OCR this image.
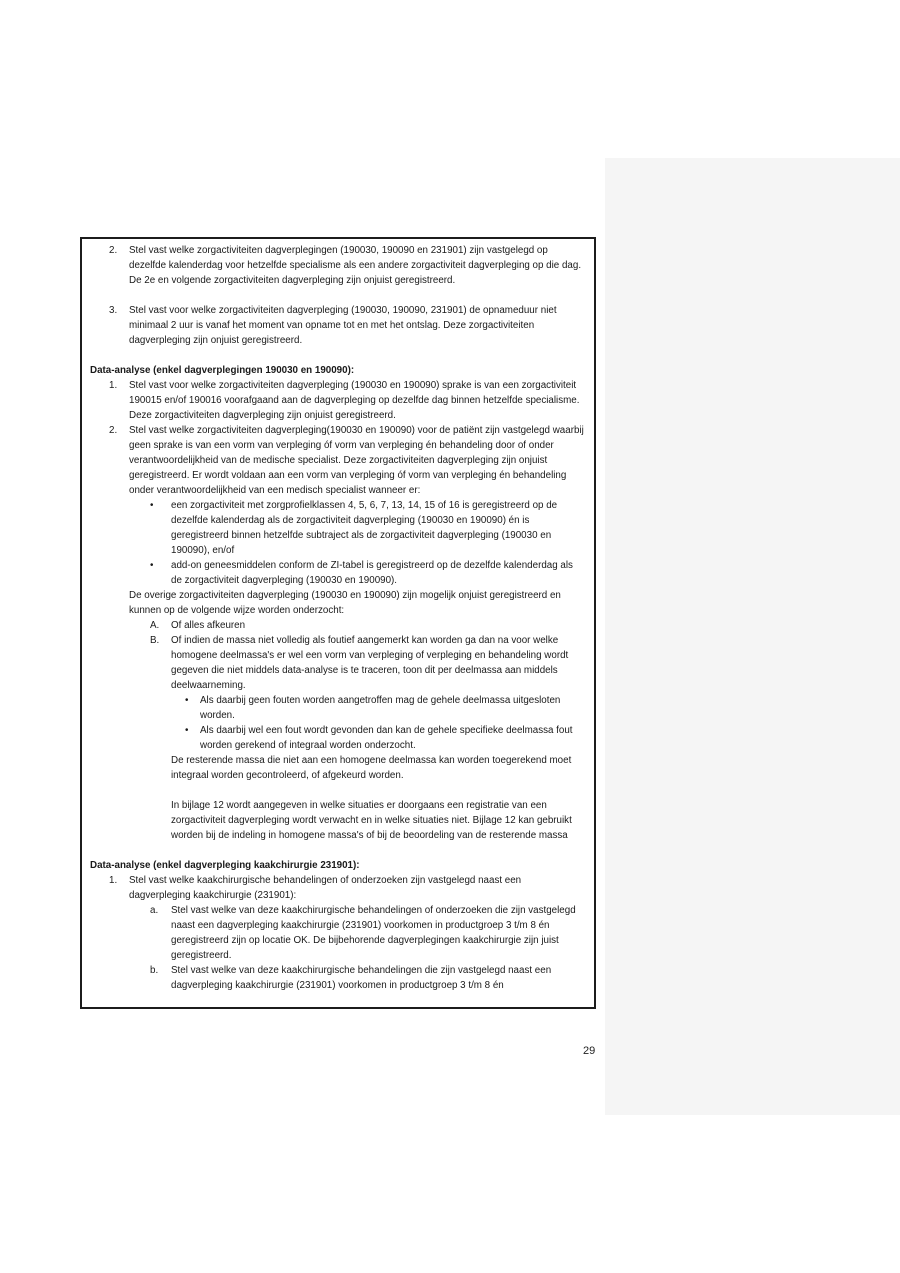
2.	Stel vast welke zorgactiviteiten dagverplegingen (190030, 190090 en 231901) zijn vastgelegd op dezelfde kalenderdag voor hetzelfde specialisme als een andere zorgactiviteit dagverpleging op die dag. De 2e en volgende zorgactiviteiten dagverpleging zijn onjuist geregistreerd.
3.	Stel vast voor welke zorgactiviteiten dagverpleging (190030, 190090, 231901) de opnameduur niet minimaal 2 uur is vanaf het moment van opname tot en met het ontslag. Deze zorgactiviteiten dagverpleging zijn onjuist geregistreerd.
Data-analyse (enkel dagverplegingen 190030 en 190090):
1.	Stel vast voor welke zorgactiviteiten dagverpleging (190030 en 190090) sprake is van een zorgactiviteit 190015 en/of 190016 voorafgaand aan de dagverpleging op dezelfde dag binnen hetzelfde specialisme. Deze zorgactiviteiten dagverpleging zijn onjuist geregistreerd.
2.	Stel vast welke zorgactiviteiten dagverpleging(190030 en 190090) voor de patiënt zijn vastgelegd waarbij geen sprake is van een vorm van verpleging óf vorm van verpleging én behandeling door of onder verantwoordelijkheid van de medische specialist. Deze zorgactiviteiten dagverpleging zijn onjuist geregistreerd. Er wordt voldaan aan een vorm van verpleging óf vorm van verpleging én behandeling onder verantwoordelijkheid van een medisch specialist wanneer er:
•	een zorgactiviteit met zorgprofielklassen 4, 5, 6, 7, 13, 14, 15 of 16 is geregistreerd op de dezelfde kalenderdag als de zorgactiviteit dagverpleging (190030 en 190090) én is geregistreerd binnen hetzelfde subtraject als de zorgactiviteit dagverpleging (190030 en 190090), en/of
•	add-on geneesmiddelen conform de ZI-tabel is geregistreerd op de dezelfde kalenderdag als de zorgactiviteit dagverpleging (190030 en 190090).
De overige zorgactiviteiten dagverpleging (190030 en 190090) zijn mogelijk onjuist geregistreerd en kunnen op de volgende wijze worden onderzocht:
A.	Of alles afkeuren
B.	Of indien de massa niet volledig als foutief aangemerkt kan worden ga dan na voor welke homogene deelmassa's er wel een vorm van verpleging of verpleging en behandeling wordt gegeven die niet middels data-analyse is te traceren, toon dit per deelmassa aan middels deelwaarneming.
•	Als daarbij geen fouten worden aangetroffen mag de gehele deelmassa uitgesloten worden.
•	Als daarbij wel een fout wordt gevonden dan kan de gehele specifieke deelmassa fout worden gerekend of integraal worden onderzocht.
De resterende massa die niet aan een homogene deelmassa kan worden toegerekend moet integraal worden gecontroleerd, of afgekeurd worden.
In bijlage 12 wordt aangegeven in welke situaties er doorgaans een registratie van een zorgactiviteit dagverpleging wordt verwacht en in welke situaties niet. Bijlage 12 kan gebruikt worden bij de indeling in homogene massa's of bij de beoordeling van de resterende massa
Data-analyse (enkel dagverpleging kaakchirurgie 231901):
1.	Stel vast welke kaakchirurgische behandelingen of onderzoeken zijn vastgelegd naast een dagverpleging kaakchirurgie (231901):
a.	Stel vast welke van deze kaakchirurgische behandelingen of onderzoeken die zijn vastgelegd naast een dagverpleging kaakchirurgie (231901) voorkomen in productgroep 3 t/m 8 én geregistreerd zijn op locatie OK. De bijbehorende dagverplegingen kaakchirurgie zijn juist geregistreerd.
b.	Stel vast welke van deze kaakchirurgische behandelingen die zijn vastgelegd naast een dagverpleging kaakchirurgie (231901) voorkomen in productgroep 3 t/m 8 én
29
